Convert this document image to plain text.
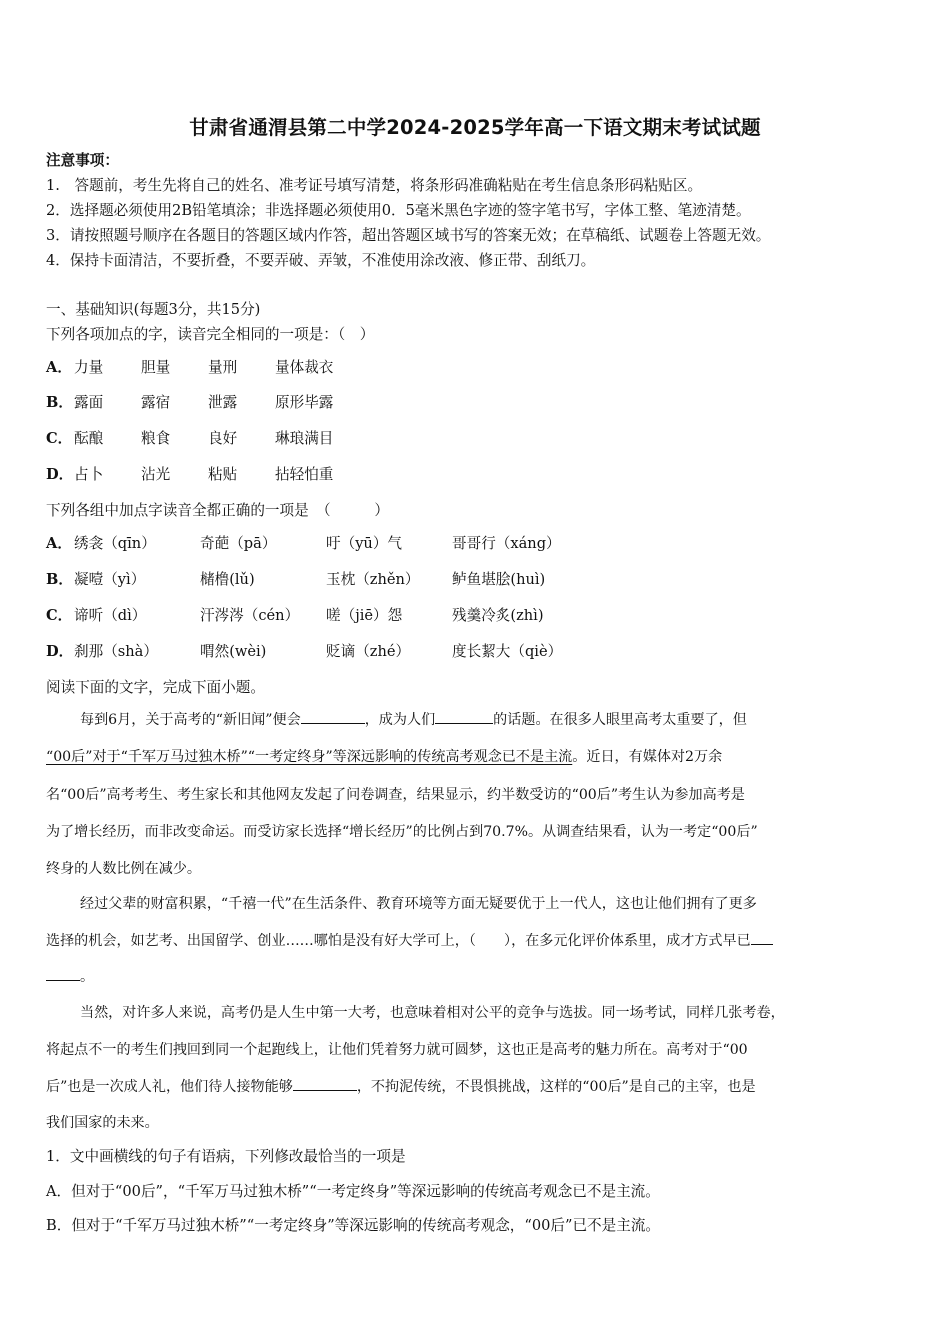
甘肃省通渭县第二中学2024-2025学年高一下语文期末考试试题
注意事项：
1.　答题前，考生先将自己的姓名、准考证号填写清楚，将条形码准确粘贴在考生信息条形码粘贴区。
2．选择题必须使用2B铅笔填涂；非选择题必须使用0．5毫米黑色字迹的签字笔书写，字体工整、笔迹清楚。
3．请按照题号顺序在各题目的答题区域内作答，超出答题区域书写的答案无效；在草稿纸、试题卷上答题无效。
4．保持卡面清洁，不要折叠，不要弄破、弄皱，不准使用涂改液、修正带、刮纸刀。
一、基础知识(每题3分，共15分)
下列各项加点的字，读音完全相同的一项是：（　）
A． 力量	胆量	量刑	量体裁衣
B． 露面	露宿	泄露	原形毕露
C． 酝酿	粮食	良好	琳琅满目
D． 占卜	沾光	粘贴	拈轻怕重
下列各组中加点字读音全都正确的一项是　（　　　）
A． 绣衾（qīn）	奇葩（pā）	吁（yū）气	哥哥行（xáng）
B． 凝噎（yì）	槠橹(lǔ)	玉枕（zhěn） 鲈鱼堪脍(huì)
C． 谛听（dì）	汗涔涔（cén） 嗟（jiē）怨	残羹冷炙(zhì)
D． 刹那（shà）	喟然(wèi)	贬谪（zhé）	度长絜大（qiè）
阅读下面的文字，完成下面小题。
每到6月，关于高考的“新旧闻”便会	，成为人们	的话题。在很多人眼里高考太重要了，但
“00后”对于“千军万马过独木桥”“一考定终身”等深远影响的传统高考观念已不是主流。近日，有媒体对2万余
名“00后”高考考生、考生家长和其他网友发起了问卷调查，结果显示，约半数受访的“00后”考生认为参加高考是
为了增长经历，而非改变命运。而受访家长选择“增长经历”的比例占到70.7%。从调查结果看，认为一考定“00后”
终身的人数比例在减少。
经过父辈的财富积累，“千禧一代”在生活条件、教育环境等方面无疑要优于上一代人，这也让他们拥有了更多
选择的机会，如艺考、出国留学、创业……哪怕是没有好大学可上，（　　），在多元化评价体系里，成才方式早已
。
当然，对许多人来说，高考仍是人生中第一大考，也意味着相对公平的竞争与选拔。同一场考试，同样几张考卷，
将起点不一的考生们拽回到同一个起跑线上，让他们凭着努力就可圆梦，这也正是高考的魅力所在。高考对于“00
后”也是一次成人礼，他们待人接物能够	，不拘泥传统，不畏惧挑战，这样的“00后”是自己的主宰，也是
我们国家的未来。
1．文中画横线的句子有语病，下列修改最恰当的一项是
A．但对于“00后”，“千军万马过独木桥”“一考定终身”等深远影响的传统高考观念已不是主流。
B．但对于“千军万马过独木桥”“一考定终身”等深远影响的传统高考观念，“00后”已不是主流。
